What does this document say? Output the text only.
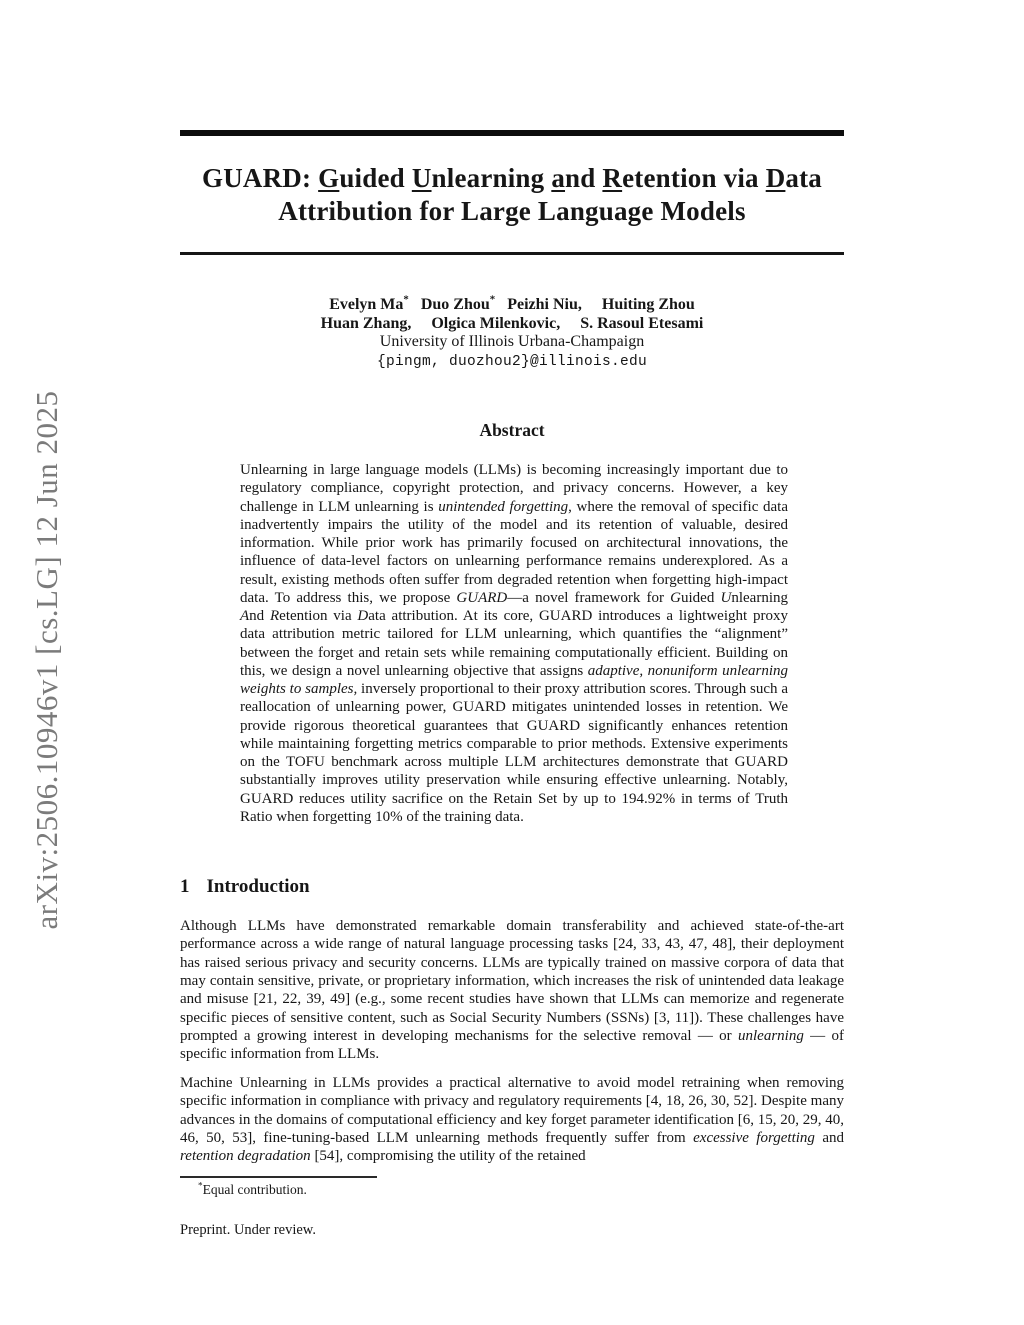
arXiv:2506.10946v1 [cs.LG] 12 Jun 2025
GUARD: Guided Unlearning and Retention via Data
Attribution for Large Language Models
Evelyn Ma*   Duo Zhou*   Peizhi Niu,     Huiting Zhou
Huan Zhang,     Olgica Milenkovic,     S. Rasoul Etesami
University of Illinois Urbana-Champaign
{pingm, duozhou2}@illinois.edu
Abstract
Unlearning in large language models (LLMs) is becoming increasingly important due to regulatory compliance, copyright protection, and privacy concerns. However, a key challenge in LLM unlearning is unintended forgetting, where the removal of specific data inadvertently impairs the utility of the model and its retention of valuable, desired information. While prior work has primarily focused on architectural innovations, the influence of data-level factors on unlearning performance remains underexplored. As a result, existing methods often suffer from degraded retention when forgetting high-impact data. To address this, we propose GUARD—a novel framework for Guided Unlearning And Retention via Data attribution. At its core, GUARD introduces a lightweight proxy data attribution metric tailored for LLM unlearning, which quantifies the “alignment” between the forget and retain sets while remaining computationally efficient. Building on this, we design a novel unlearning objective that assigns adaptive, nonuniform unlearning weights to samples, inversely proportional to their proxy attribution scores. Through such a reallocation of unlearning power, GUARD mitigates unintended losses in retention. We provide rigorous theoretical guarantees that GUARD significantly enhances retention while maintaining forgetting metrics comparable to prior methods. Extensive experiments on the TOFU benchmark across multiple LLM architectures demonstrate that GUARD substantially improves utility preservation while ensuring effective unlearning. Notably, GUARD reduces utility sacrifice on the Retain Set by up to 194.92% in terms of Truth Ratio when forgetting 10% of the training data.
1 Introduction
Although LLMs have demonstrated remarkable domain transferability and achieved state-of-the-art performance across a wide range of natural language processing tasks [24, 33, 43, 47, 48], their deployment has raised serious privacy and security concerns. LLMs are typically trained on massive corpora of data that may contain sensitive, private, or proprietary information, which increases the risk of unintended data leakage and misuse [21, 22, 39, 49] (e.g., some recent studies have shown that LLMs can memorize and regenerate specific pieces of sensitive content, such as Social Security Numbers (SSNs) [3, 11]). These challenges have prompted a growing interest in developing mechanisms for the selective removal — or unlearning — of specific information from LLMs.
Machine Unlearning in LLMs provides a practical alternative to avoid model retraining when removing specific information in compliance with privacy and regulatory requirements [4, 18, 26, 30, 52]. Despite many advances in the domains of computational efficiency and key forget parameter identification [6, 15, 20, 29, 40, 46, 50, 53], fine-tuning-based LLM unlearning methods frequently suffer from excessive forgetting and retention degradation [54], compromising the utility of the retained
*Equal contribution.
Preprint. Under review.
